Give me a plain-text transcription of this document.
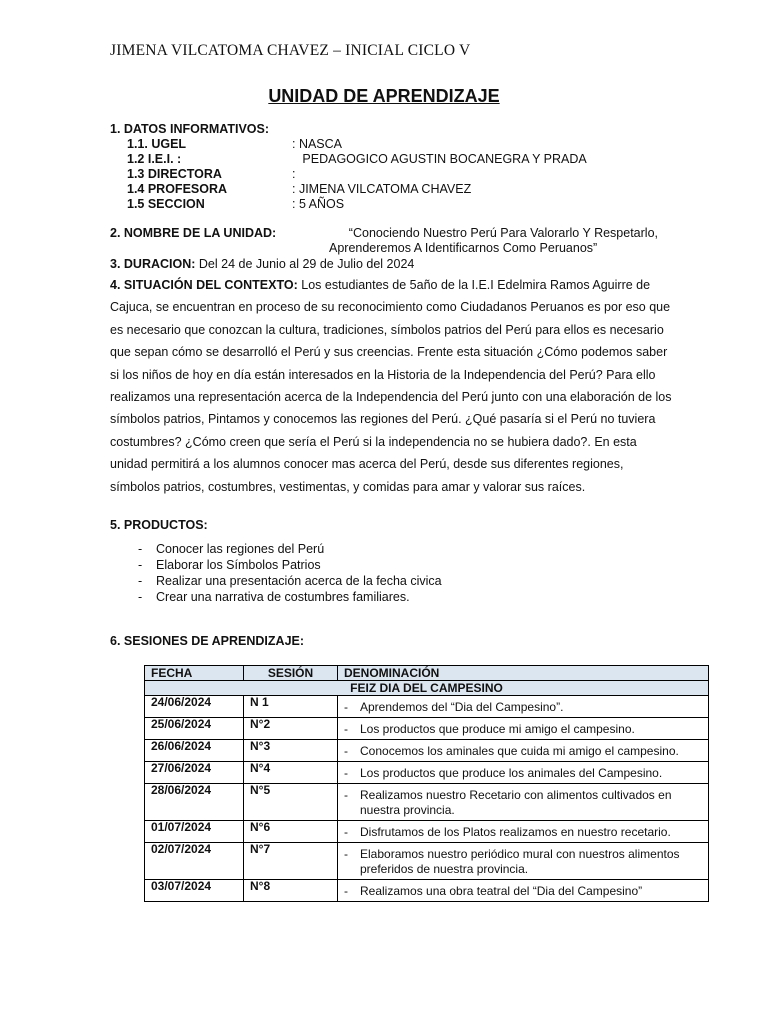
JIMENA VILCATOMA CHAVEZ – INICIAL CICLO V
UNIDAD DE APRENDIZAJE
1. DATOS INFORMATIVOS:
1.1. UGEL	: NASCA
1.2 I.E.I. :	PEDAGOGICO AGUSTIN BOCANEGRA Y PRADA
1.3 DIRECTORA	:
1.4 PROFESORA	: JIMENA VILCATOMA CHAVEZ
1.5 SECCION	: 5 AÑOS
2. NOMBRE DE LA UNIDAD:	“Conociendo Nuestro Perú Para Valorarlo Y Respetarlo,
Aprenderemos A Identificarnos Como Peruanos”
3. DURACION: Del 24 de Junio al 29 de Julio del 2024
4. SITUACIÓN DEL CONTEXTO: Los estudiantes de 5año de la I.E.I Edelmira Ramos Aguirre de
Cajuca, se encuentran en proceso de su reconocimiento como Ciudadanos Peruanos es por eso que
es necesario que conozcan la cultura, tradiciones, símbolos patrios del Perú para ellos es necesario
que sepan cómo se desarrolló el Perú y sus creencias. Frente esta situación ¿Cómo podemos saber
si los niños de hoy en día están interesados en la Historia de la Independencia del Perú? Para ello
realizamos una representación acerca de la Independencia del Perú junto con una elaboración de los
símbolos patrios, Pintamos y conocemos las regiones del Perú. ¿Qué pasaría si el Perú no tuviera
costumbres? ¿Cómo creen que sería el Perú si la independencia no se hubiera dado?. En esta
unidad permitirá a los alumnos conocer mas acerca del Perú, desde sus diferentes regiones,
símbolos patrios, costumbres, vestimentas, y comidas para amar y valorar sus raíces.
5. PRODUCTOS:
- Conocer las regiones del Perú
- Elaborar los Símbolos Patrios
- Realizar una presentación acerca de la fecha civica
- Crear una narrativa de costumbres familiares.
6. SESIONES DE APRENDIZAJE:
FECHA	SESIÓN	DENOMINACIÓN
FEIZ DIA DEL CAMPESINO		
24/06/2024	N 1	- Aprendemos del “Dia del Campesino”.
25/06/2024	N°2	- Los productos que produce mi amigo el campesino.
26/06/2024	N°3	- Conocemos los aminales que cuida mi amigo el campesino.
27/06/2024	N°4	- Los productos que produce los animales del Campesino.
28/06/2024	N°5	- Realizamos nuestro Recetario con alimentos cultivados en nuestra provincia.
01/07/2024	N°6	- Disfrutamos de los Platos realizamos en nuestro recetario.
02/07/2024	N°7	- Elaboramos nuestro periódico mural con nuestros alimentos preferidos de nuestra provincia.
03/07/2024	N°8	- Realizamos una obra teatral del “Dia del Campesino”
